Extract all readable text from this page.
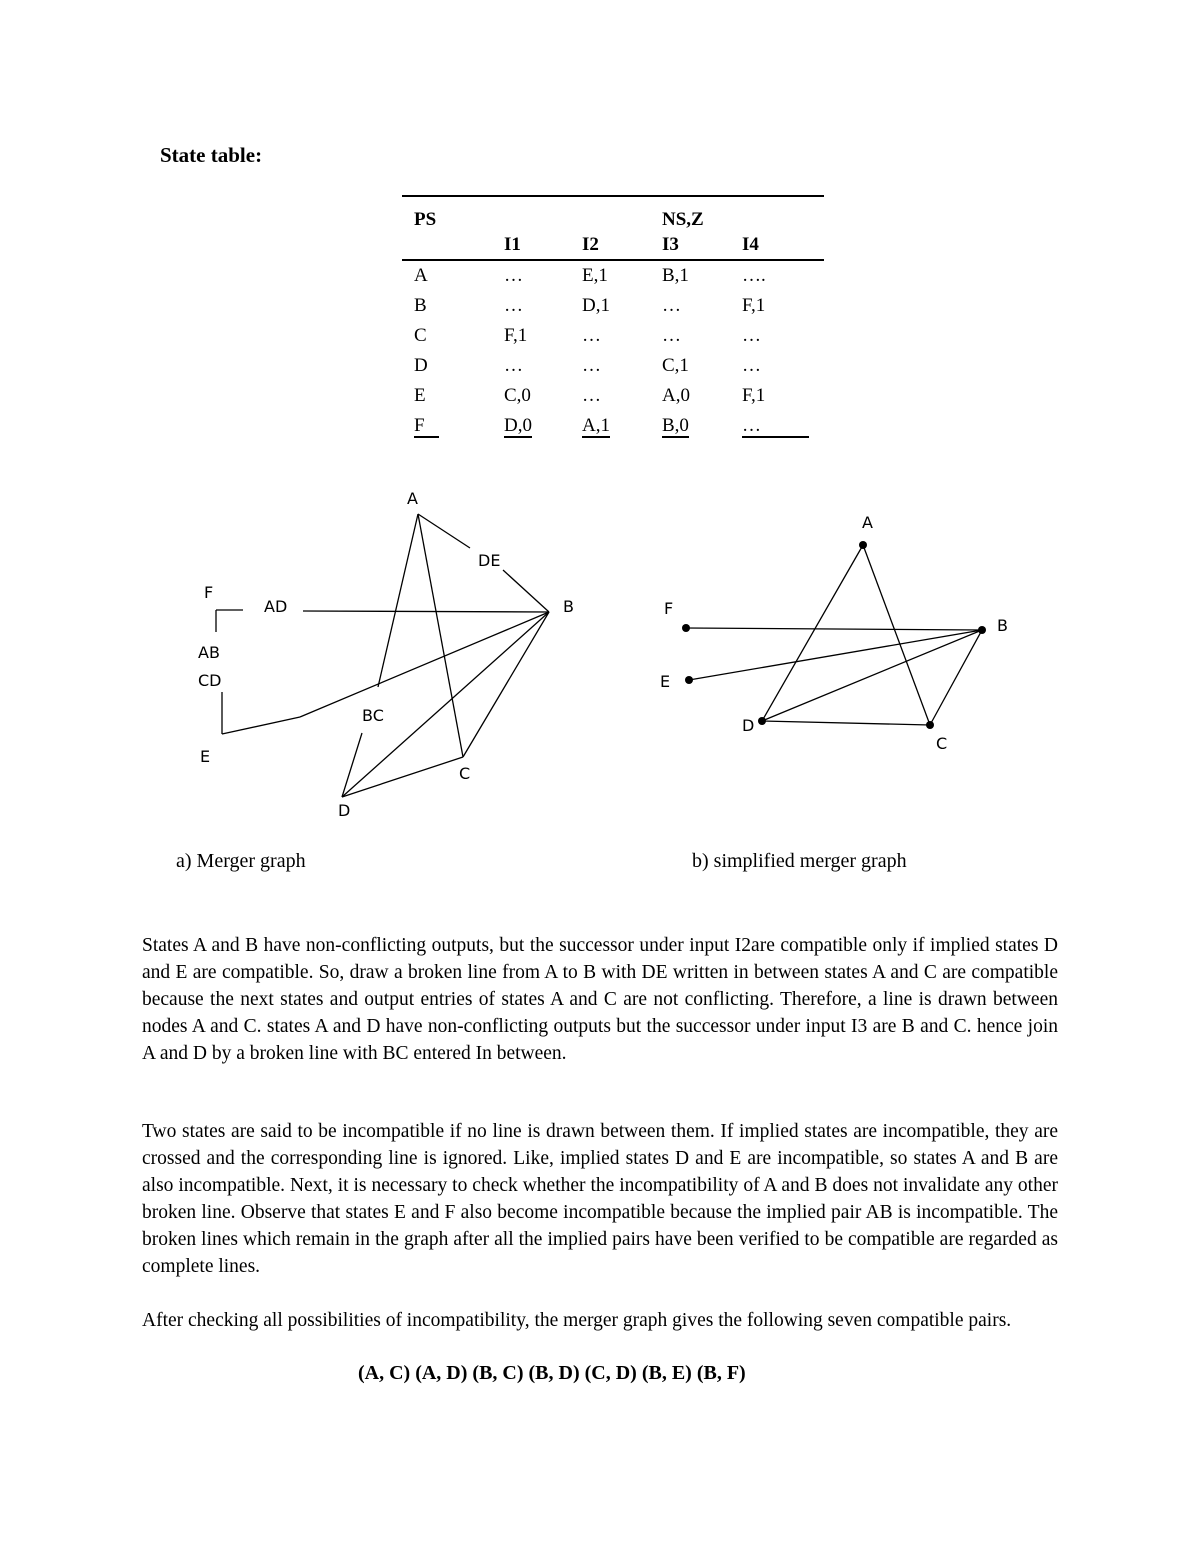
State table:
PS			NS,Z	
	I1	I2	I3	I4
A	…	E,1	B,1	….
B	…	D,1	…	F,1
C	F,1	…	…	…
D	…	…	C,1	…
E	C,0	…	A,0	F,1
F	D,0	A,1	B,0	…
A
B
C
D
E
F
DE
AD
AB
CD
BC
A
B
C
D
E
F
a) Merger graph	b) simplified merger graph

States A and B have non-conflicting outputs, but the successor under input I2are compatible only if implied states D and E are compatible. So, draw a broken line from A to B with DE written in between states A and C are compatible because the next states and output entries of states A and C are not conflicting. Therefore, a line is drawn between nodes A and C. states A and D have non-conflicting outputs but the successor under input I3 are B and C. hence join A and D by a broken line with BC entered In between.

Two states are said to be incompatible if no line is drawn between them. If implied states are incompatible, they are crossed and the corresponding line is ignored. Like, implied states D and E are incompatible, so states A and B are also incompatible. Next, it is necessary to check whether the incompatibility of A and B does not invalidate any other broken line. Observe that states E and F also become incompatible because the implied pair AB is incompatible. The broken lines which remain in the graph after all the implied pairs have been verified to be compatible are regarded as complete lines.

After checking all possibilities of incompatibility, the merger graph gives the following seven compatible pairs.

(A, C) (A, D) (B, C) (B, D) (C, D) (B, E) (B, F)
